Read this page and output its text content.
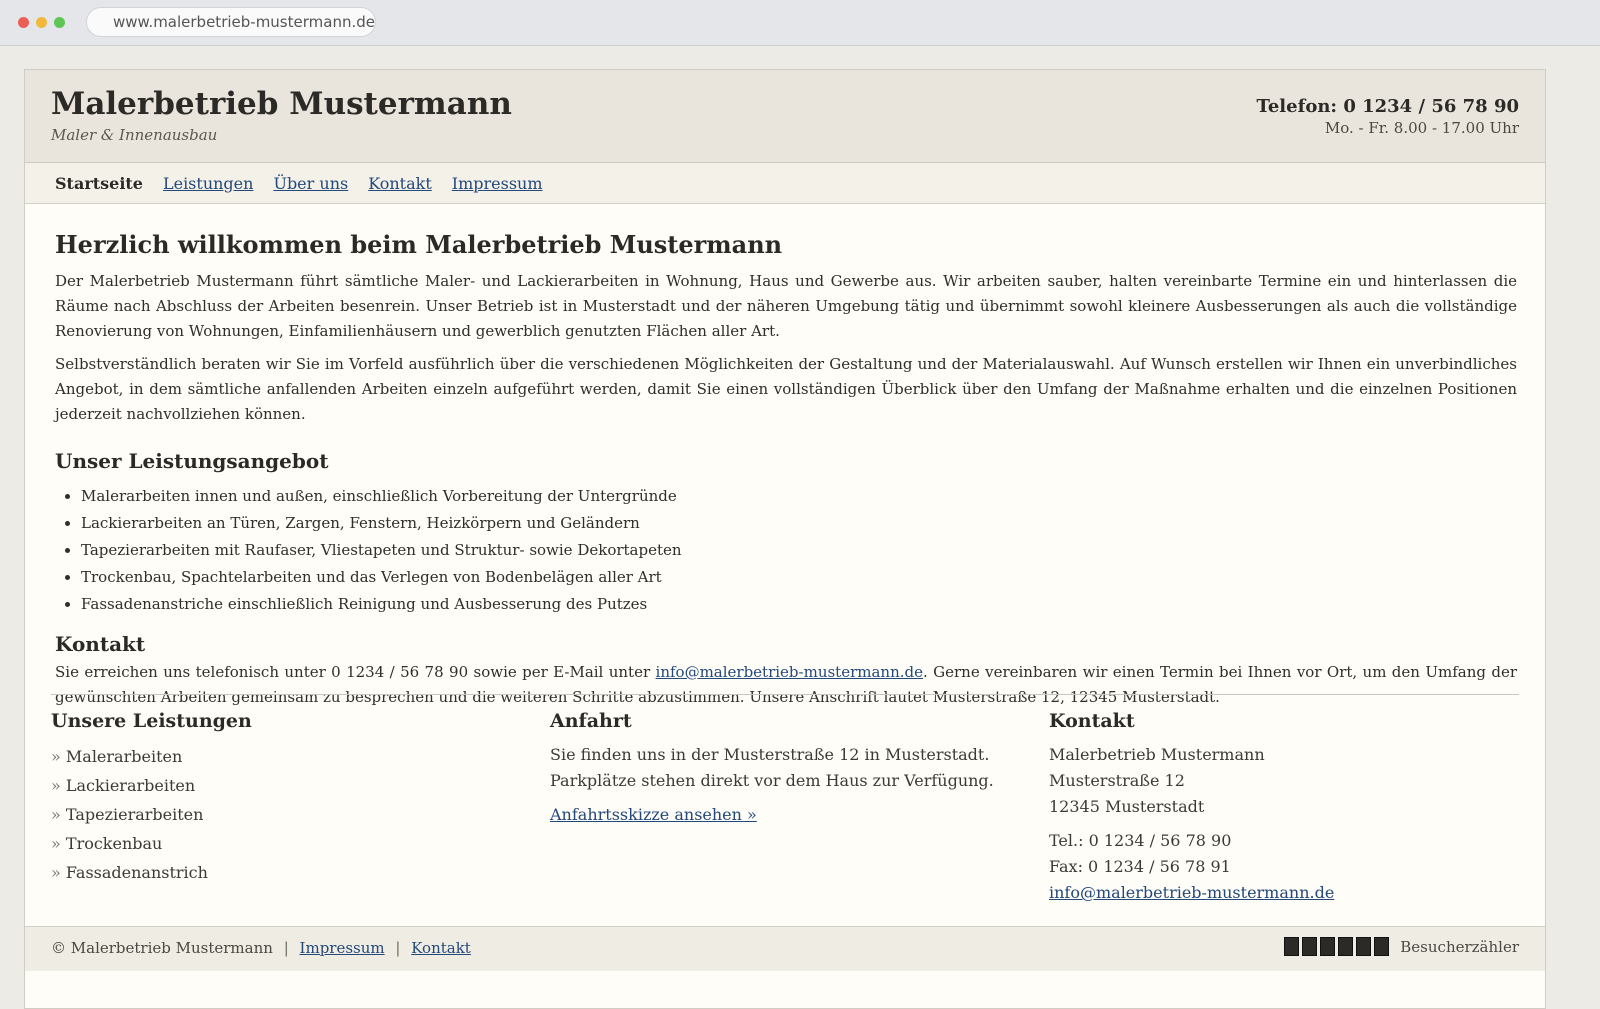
www.malerbetrieb-mustermann.de
Malerbetrieb Mustermann
Maler & Innenausbau
Telefon: 0 1234 / 56 78 90
Mo. - Fr. 8.00 - 17.00 Uhr
Startseite Leistungen Über uns Kontakt Impressum
Herzlich willkommen beim Malerbetrieb Mustermann

Der Malerbetrieb Mustermann führt sämtliche Maler- und Lackierarbeiten in Wohnung, Haus und Gewerbe aus. Wir arbeiten sauber, halten vereinbarte Termine ein und hinterlassen die Räume nach Abschluss der Arbeiten besenrein. Unser Betrieb ist in Musterstadt und der näheren Umgebung tätig und übernimmt sowohl kleinere Ausbesserungen als auch die vollständige Renovierung von Wohnungen, Einfamilienhäusern und gewerblich genutzten Flächen aller Art.

Selbstverständlich beraten wir Sie im Vorfeld ausführlich über die verschiedenen Möglichkeiten der Gestaltung und der Materialauswahl. Auf Wunsch erstellen wir Ihnen ein unverbindliches Angebot, in dem sämtliche anfallenden Arbeiten einzeln aufgeführt werden, damit Sie einen vollständigen Überblick über den Umfang der Maßnahme erhalten und die einzelnen Positionen jederzeit nachvollziehen können.

Unser Leistungsangebot
• Malerarbeiten innen und außen, einschließlich Vorbereitung der Untergründe
• Lackierarbeiten an Türen, Zargen, Fenstern, Heizkörpern und Geländern
• Tapezierarbeiten mit Raufaser, Vliestapeten und Struktur- sowie Dekortapeten
• Trockenbau, Spachtelarbeiten und das Verlegen von Bodenbelägen aller Art
• Fassadenanstriche einschließlich Reinigung und Ausbesserung des Putzes
Kontakt

Sie erreichen uns telefonisch unter 0 1234 / 56 78 90 sowie per E-Mail unter info@malerbetrieb-mustermann.de. Gerne vereinbaren wir einen Termin bei Ihnen vor Ort, um den Umfang der gewünschten Arbeiten gemeinsam zu besprechen und die weiteren Schritte abzustimmen. Unsere Anschrift lautet Musterstraße 12, 12345 Musterstadt.

Unsere Leistungen
» Malerarbeiten
» Lackierarbeiten
» Tapezierarbeiten
» Trockenbau
» Fassadenanstrich
Anfahrt

Sie finden uns in der Musterstraße 12 in Musterstadt. Parkplätze stehen direkt vor dem Haus zur Verfügung.

Anfahrtsskizze ansehen »
Kontakt
Malerbetrieb Mustermann
Musterstraße 12
12345 Musterstadt
Tel.: 0 1234 / 56 78 90
Fax: 0 1234 / 56 78 91
info@malerbetrieb-mustermann.de
© Malerbetrieb Mustermann | Impressum | Kontakt	Besucherzähler
